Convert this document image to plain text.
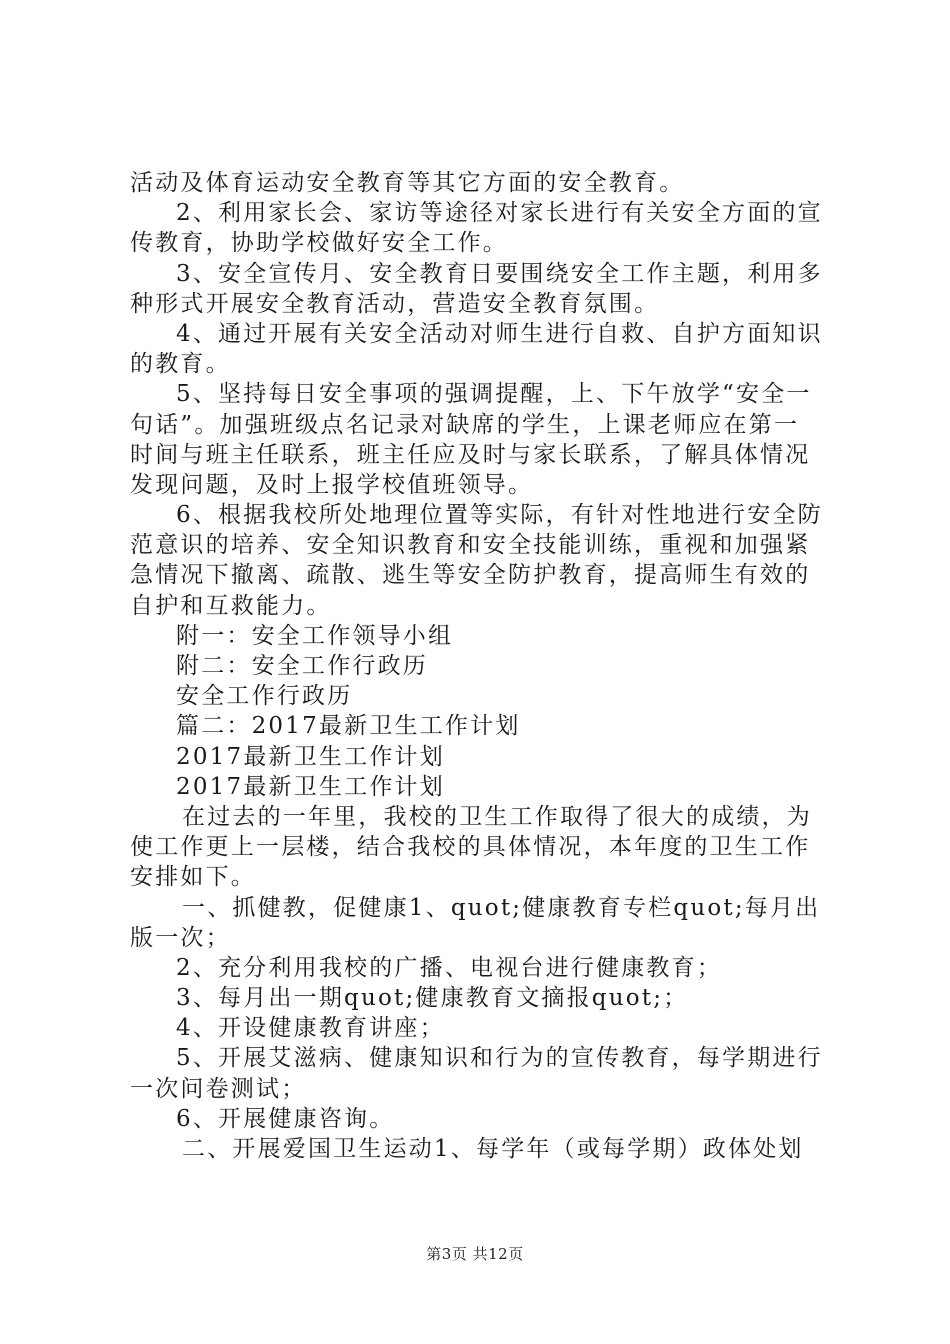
活动及体育运动安全教育等其它方面的安全教育。
2、利用家长会、家访等途径对家长进行有关安全方面的宣
传教育，协助学校做好安全工作。
3、安全宣传月、安全教育日要围绕安全工作主题，利用多
种形式开展安全教育活动，营造安全教育氛围。
4、通过开展有关安全活动对师生进行自救、自护方面知识
的教育。
5、坚持每日安全事项的强调提醒，上、下午放学“安全一
句话”。加强班级点名记录对缺席的学生，上课老师应在第一
时间与班主任联系，班主任应及时与家长联系，了解具体情况
发现问题，及时上报学校值班领导。
6、根据我校所处地理位置等实际，有针对性地进行安全防
范意识的培养、安全知识教育和安全技能训练，重视和加强紧
急情况下撤离、疏散、逃生等安全防护教育，提高师生有效的
自护和互救能力。
附一：安全工作领导小组
附二：安全工作行政历
安全工作行政历
篇二：2017最新卫生工作计划
2017最新卫生工作计划
2017最新卫生工作计划
在过去的一年里，我校的卫生工作取得了很大的成绩，为
使工作更上一层楼，结合我校的具体情况，本年度的卫生工作
安排如下。
一、抓健教，促健康1、quot;健康教育专栏quot;每月出
版一次；
2、充分利用我校的广播、电视台进行健康教育；
3、每月出一期quot;健康教育文摘报quot;；
4、开设健康教育讲座；
5、开展艾滋病、健康知识和行为的宣传教育，每学期进行
一次问卷测试；
6、开展健康咨询。
二、开展爱国卫生运动1、每学年（或每学期）政体处划
第3页 共12页
